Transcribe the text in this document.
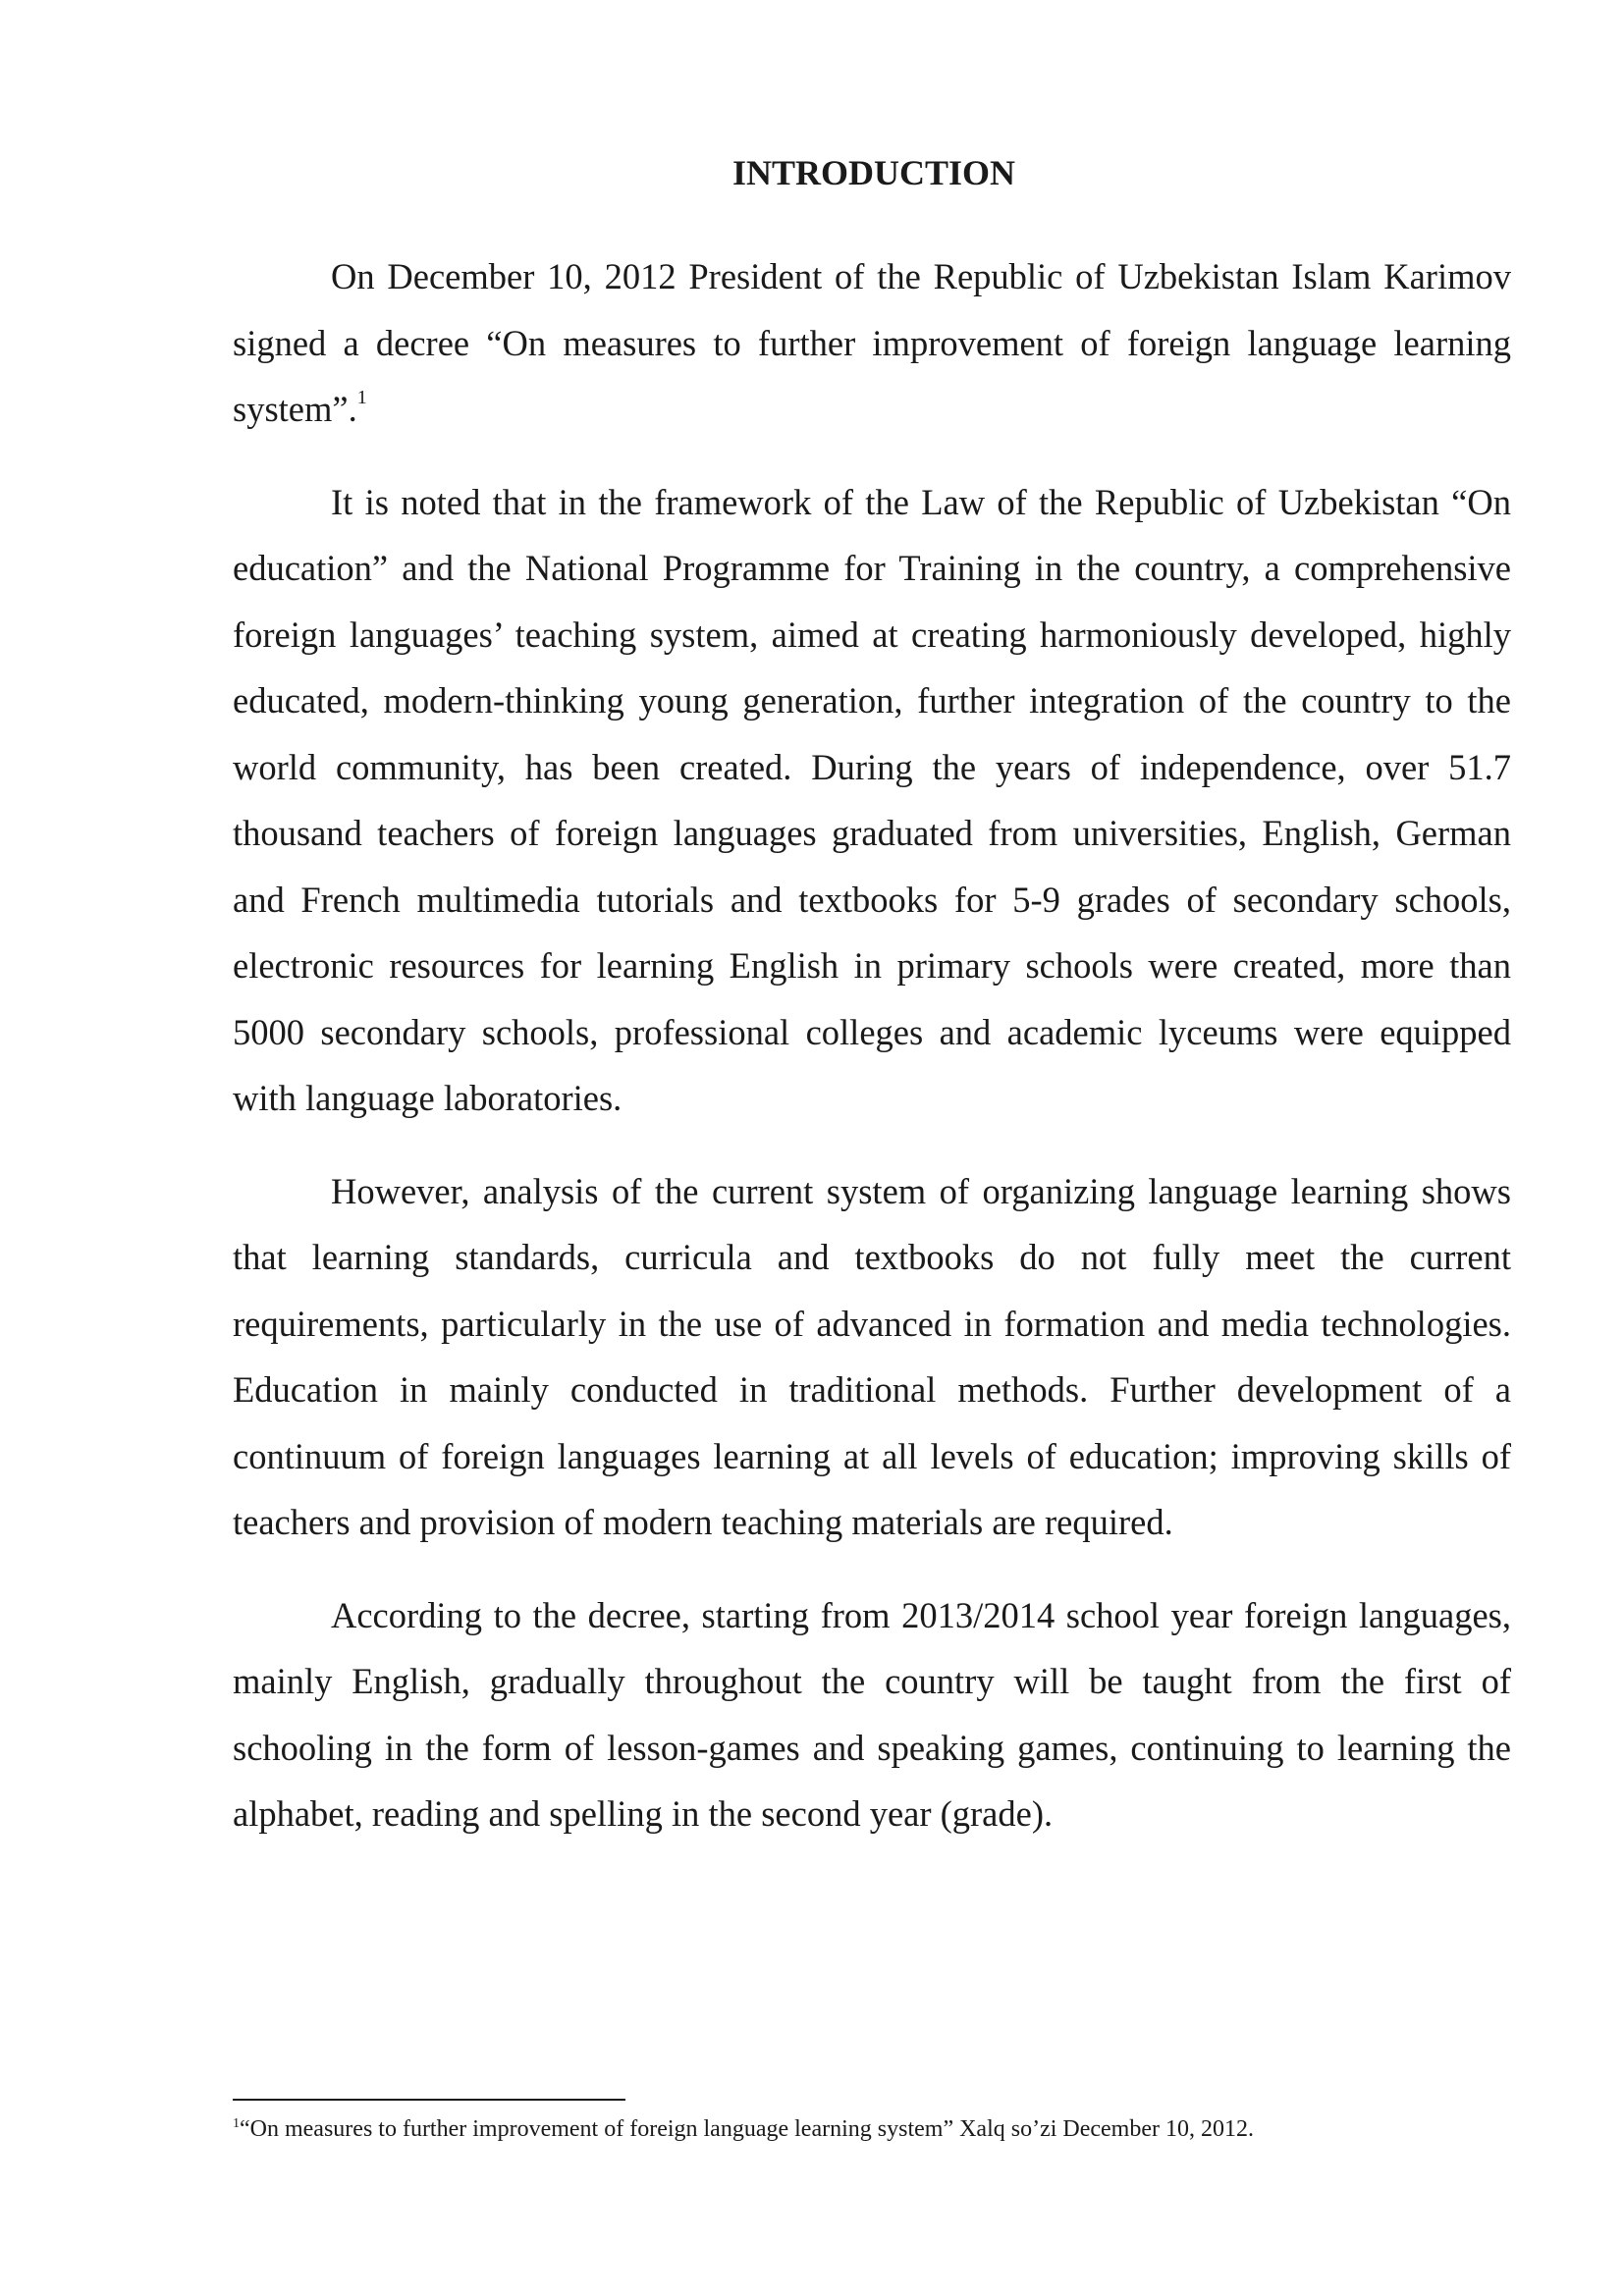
INTRODUCTION

On December 10, 2012 President of the Republic of Uzbekistan Islam Karimov signed a decree “On measures to further improvement of foreign language learning system”.$^1$

It is noted that in the framework of the Law of the Republic of Uzbekistan “On education” and the National Programme for Training in the country, a comprehensive foreign languages’ teaching system, aimed at creating harmoniously developed, highly educated, modern-thinking young generation, further integration of the country to the world community, has been created. During the years of independence, over 51.7 thousand teachers of foreign languages graduated from universities, English, German and French multimedia tutorials and textbooks for 5-9 grades of secondary schools, electronic resources for learning English in primary schools were created, more than 5000 secondary schools, professional colleges and academic lyceums were equipped with language laboratories.

However, analysis of the current system of organizing language learning shows that learning standards, curricula and textbooks do not fully meet the current requirements, particularly in the use of advanced in formation and media technologies. Education in mainly conducted in traditional methods. Further development of a continuum of foreign languages learning at all levels of education; improving skills of teachers and provision of modern teaching materials are required.

According to the decree, starting from 2013/2014 school year foreign languages, mainly English, gradually throughout the country will be taught from the first of schooling in the form of lesson-games and speaking games, continuing to learning the alphabet, reading and spelling in the second year (grade).

$^1$“On measures to further improvement of foreign language learning system” Xalq so’zi December 10, 2012.
